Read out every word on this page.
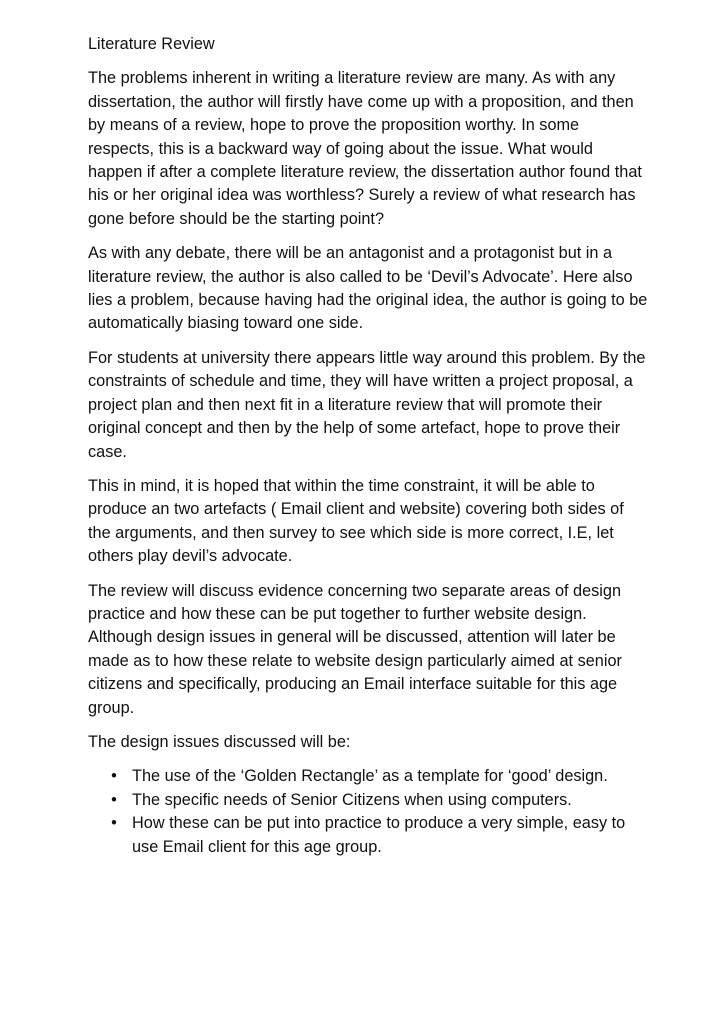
Literature Review

The problems inherent in writing a literature review are many. As with any dissertation, the author will firstly have come up with a proposition, and then by means of a review, hope to prove the proposition worthy. In some respects, this is a backward way of going about the issue. What would happen if after a complete literature review, the dissertation author found that his or her original idea was worthless? Surely a review of what research has gone before should be the starting point?

As with any debate, there will be an antagonist and a protagonist but in a literature review, the author is also called to be ‘Devil’s Advocate’. Here also lies a problem, because having had the original idea, the author is going to be automatically biasing toward one side.

For students at university there appears little way around this problem. By the constraints of schedule and time, they will have written a project proposal, a project plan and then next fit in a literature review that will promote their original concept and then by the help of some artefact, hope to prove their case.

This in mind, it is hoped that within the time constraint, it will be able to produce an two artefacts ( Email client and website) covering both sides of the arguments, and then survey to see which side is more correct, I.E, let others play devil’s advocate.

The review will discuss evidence concerning two separate areas of design practice and how these can be put together to further website design. Although design issues in general will be discussed, attention will later be made as to how these relate to website design particularly aimed at senior citizens and specifically, producing an Email interface suitable for this age group.

The design issues discussed will be:

• The use of the ‘Golden Rectangle’ as a template for ‘good’ design.
• The specific needs of Senior Citizens when using computers.
• How these can be put into practice to produce a very simple, easy to use Email client for this age group.
